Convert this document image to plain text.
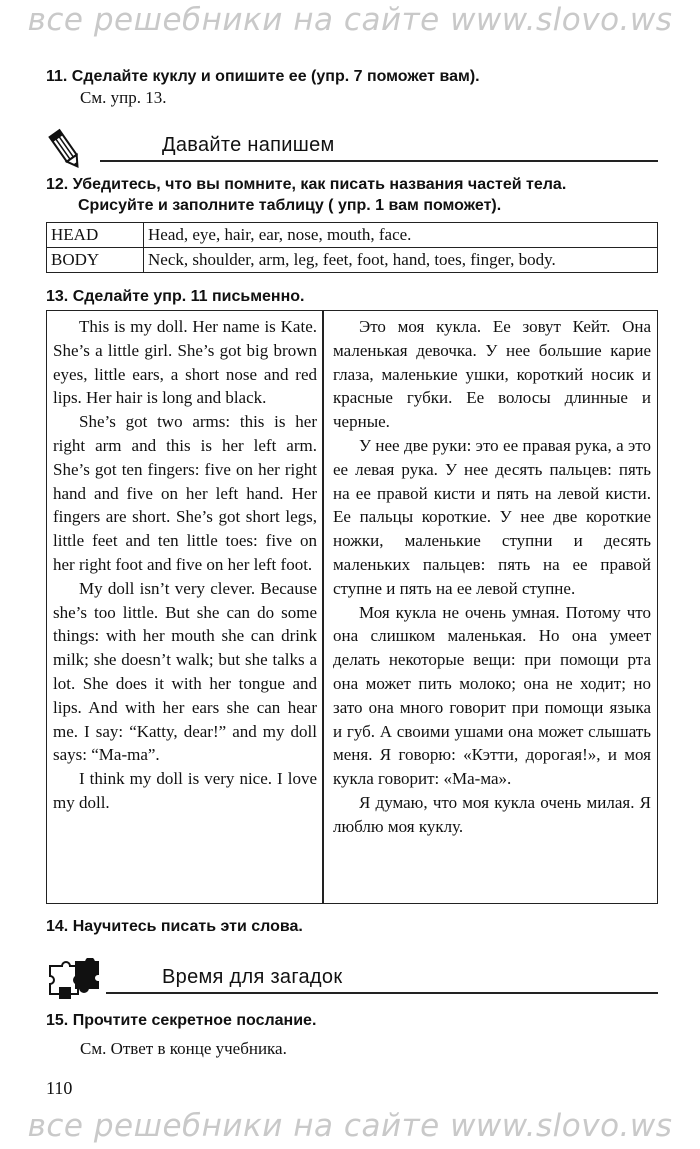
все решебники на сайте www.slovo.ws
11. Сделайте куклу и опишите ее (упр. 7 поможет вам).
См. упр. 13.
Давайте напишем
12. Убедитесь, что вы помните, как писать названия частей тела.
Срисуйте и заполните таблицу ( упр. 1 вам поможет).
HEAD	Head, eye, hair, ear, nose, mouth, face.
BODY	Neck, shoulder, arm, leg, feet, foot, hand, toes, finger, body.
13. Сделайте упр. 11 письменно.

This is my doll. Her name is Kate. She’s a little girl. She’s got big brown eyes, little ears, a short nose and red lips. Her hair is long and black.

She’s got two arms: this is her right arm and this is her left arm. She’s got ten fingers: five on her right hand and five on her left hand. Her fingers are short. She’s got short legs, little feet and ten little toes: five on her right foot and five on her left foot.

My doll isn’t very clever. Because she’s too little. But she can do some things: with her mouth she can drink milk; she doesn’t walk; but she talks a lot. She does it with her tongue and lips. And with her ears she can hear me. I say: “Katty, dear!” and my doll says: “Ma-ma”.

I think my doll is very nice. I love my doll.

Это моя кукла. Ее зовут Кейт. Она маленькая девочка. У нее большие карие глаза, маленькие ушки, короткий носик и красные губки. Ее волосы длинные и черные.

У нее две руки: это ее правая рука, а это ее левая рука. У нее десять пальцев: пять на ее правой кисти и пять на левой кисти. Ее пальцы короткие. У нее две короткие ножки, маленькие ступни и десять маленьких пальцев: пять на ее правой ступне и пять на ее левой ступне.

Моя кукла не очень умная. Потому что она слишком маленькая. Но она умеет делать некоторые вещи: при помощи рта она может пить молоко; она не ходит; но зато она много говорит при помощи языка и губ. А своими ушами она может слышать меня. Я говорю: «Кэтти, дорогая!», и моя кукла говорит: «Ма-ма».

Я думаю, что моя кукла очень милая. Я люблю моя куклу.

14. Научитесь писать эти слова.
Время для загадок
15. Прочтите секретное послание.
См. Ответ в конце учебника.
110
все решебники на сайте www.slovo.ws
